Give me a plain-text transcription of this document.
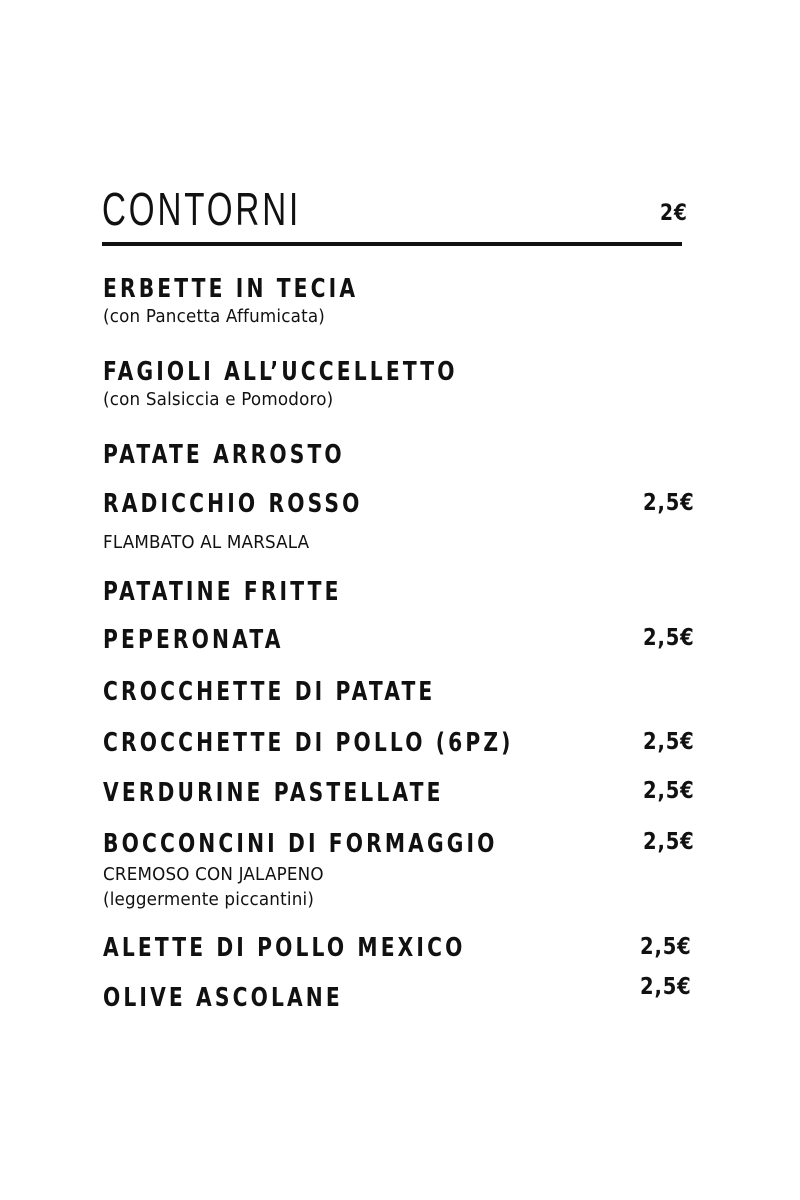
CONTORNI	2€
ERBETTE IN TECIA
(con Pancetta Affumicata)
FAGIOLI ALL’UCCELLETTO
(con Salsiccia e Pomodoro)
PATATE ARROSTO
RADICCHIO ROSSO	2,5€
FLAMBATO AL MARSALA
PATATINE FRITTE
PEPERONATA	2,5€
CROCCHETTE DI PATATE
CROCCHETTE DI POLLO (6PZ)	2,5€
VERDURINE PASTELLATE	2,5€
BOCCONCINI DI FORMAGGIO	2,5€
CREMOSO CON JALAPENO
(leggermente piccantini)
ALETTE DI POLLO MEXICO	2,5€
OLIVE ASCOLANE	2,5€
